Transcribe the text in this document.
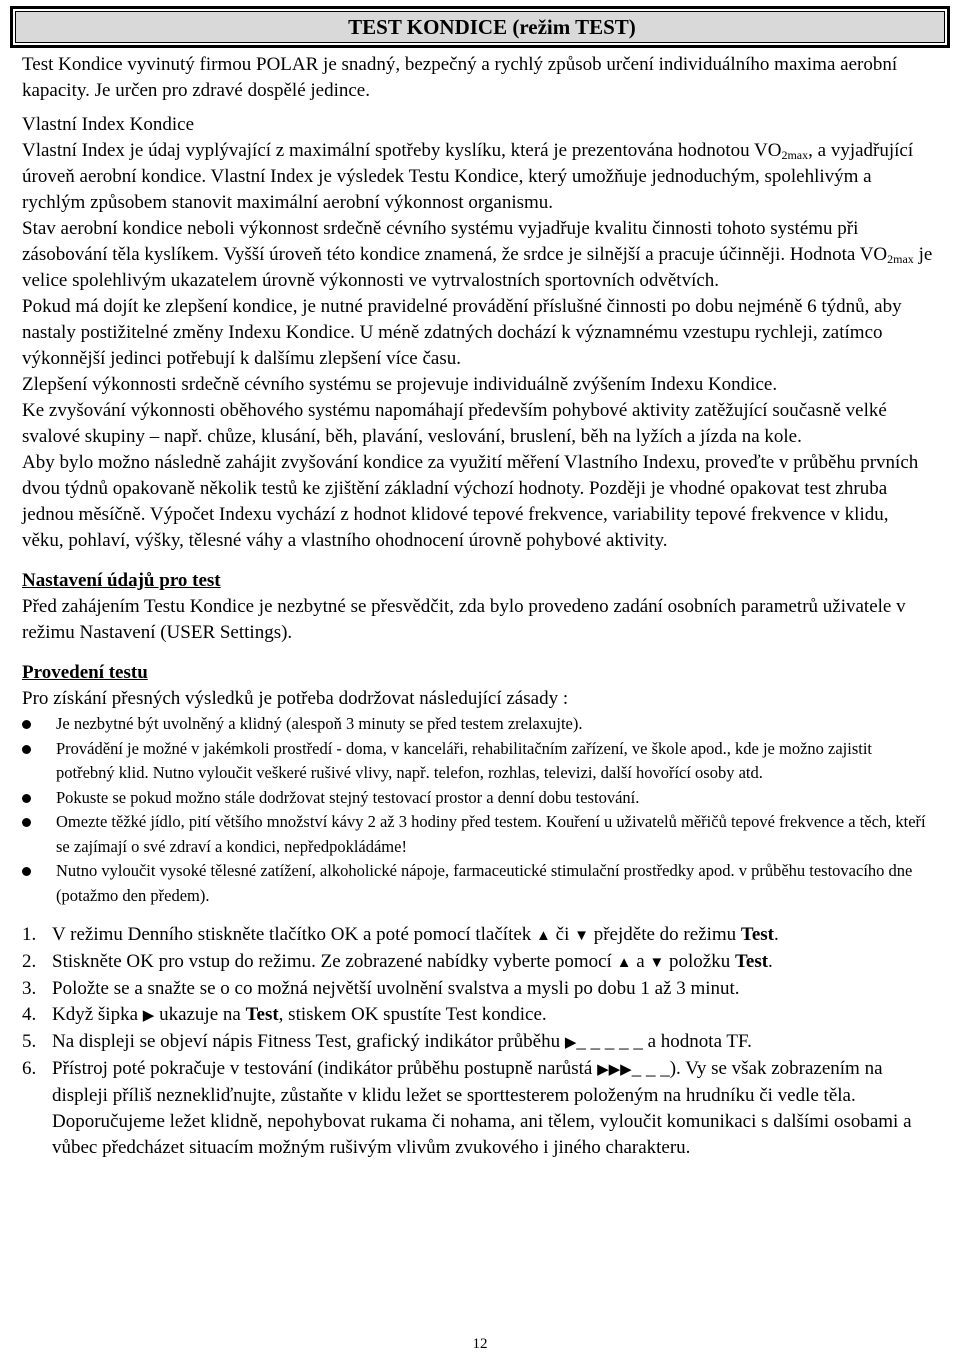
TEST KONDICE (režim TEST)

Test Kondice vyvinutý firmou POLAR je snadný, bezpečný a rychlý způsob určení individuálního maxima aerobní kapacity. Je určen pro zdravé dospělé jedince.

Vlastní Index Kondice

Vlastní Index je údaj vyplývající z maximální spotřeby kyslíku, která je prezentována hodnotou $VO_{2max}$, a vyjadřující úroveň aerobní kondice. Vlastní Index je výsledek Testu Kondice, který umožňuje jednoduchým, spolehlivým a rychlým způsobem stanovit maximální aerobní výkonnost organismu.

Stav aerobní kondice neboli výkonnost srdečně cévního systému vyjadřuje kvalitu činnosti tohoto systému při zásobování těla kyslíkem. Vyšší úroveň této kondice znamená, že srdce je silnější a pracuje účinněji. Hodnota $VO_{2max}$ je velice spolehlivým ukazatelem úrovně výkonnosti ve vytrvalostních sportovních odvětvích.

Pokud má dojít ke zlepšení kondice, je nutné pravidelné provádění příslušné činnosti po dobu nejméně 6 týdnů, aby nastaly postižitelné změny Indexu Kondice. U méně zdatných dochází k významnému vzestupu rychleji, zatímco výkonnější jedinci potřebují k dalšímu zlepšení více času.

Zlepšení výkonnosti srdečně cévního systému se projevuje individuálně zvýšením Indexu Kondice.

Ke zvyšování výkonnosti oběhového systému napomáhají především pohybové aktivity zatěžující současně velké svalové skupiny – např. chůze, klusání, běh, plavání, veslování, bruslení, běh na lyžích a jízda na kole.

Aby bylo možno následně zahájit zvyšování kondice za využití měření Vlastního Indexu, proveďte v průběhu prvních dvou týdnů opakovaně několik testů ke zjištění základní výchozí hodnoty. Později je vhodné opakovat test zhruba jednou měsíčně. Výpočet Indexu vychází z hodnot klidové tepové frekvence, variability tepové frekvence v klidu, věku, pohlaví, výšky, tělesné váhy a vlastního ohodnocení úrovně pohybové aktivity.

Nastavení údajů pro test

Před zahájením Testu Kondice je nezbytné se přesvědčit, zda bylo provedeno zadání osobních parametrů uživatele v režimu Nastavení (USER Settings).

Provedení testu

Pro získání přesných výsledků je potřeba dodržovat následující zásady :

Je nezbytné být uvolněný a klidný (alespoň 3 minuty se před testem zrelaxujte).
Provádění je možné v jakémkoli prostředí - doma, v kanceláři, rehabilitačním zařízení, ve škole apod., kde je možno zajistit potřebný klid. Nutno vyloučit veškeré rušivé vlivy, např. telefon, rozhlas, televizi, další hovořící osoby atd.
Pokuste se pokud možno stále dodržovat stejný testovací prostor a denní dobu testování.
Omezte těžké jídlo, pití většího množství kávy 2 až 3 hodiny před testem. Kouření u uživatelů měřičů tepové frekvence a těch, kteří se zajímají o své zdraví a kondici, nepředpokládáme!
Nutno vyloučit vysoké tělesné zatížení, alkoholické nápoje, farmaceutické stimulační prostředky apod. v průběhu testovacího dne (potažmo den předem).
1. V režimu Denního stiskněte tlačítko OK a poté pomocí tlačítek ▲ či ▼ přejděte do režimu Test.
2. Stiskněte OK pro vstup do režimu. Ze zobrazené nabídky vyberte pomocí ▲ a ▼ položku Test.
3. Položte se a snažte se o co možná největší uvolnění svalstva a mysli po dobu 1 až 3 minut.
4. Když šipka ▶ ukazuje na Test, stiskem OK spustíte Test kondice.
5. Na displeji se objeví nápis Fitness Test, grafický indikátor průběhu ▶_ _ _ _ _ a hodnota TF.
6. Přístroj poté pokračuje v testování (indikátor průběhu postupně narůstá ▶▶▶_ _ _). Vy se však zobrazením na displeji příliš neznekliďnujte, zůstaňte v klidu ležet se sporttesterem položeným na hrudníku či vedle těla. Doporučujeme ležet klidně, nepohybovat rukama či nohama, ani tělem, vyloučit komunikaci s dalšími osobami a vůbec předcházet situacím možným rušivým vlivům zvukového i jiného charakteru.
12
